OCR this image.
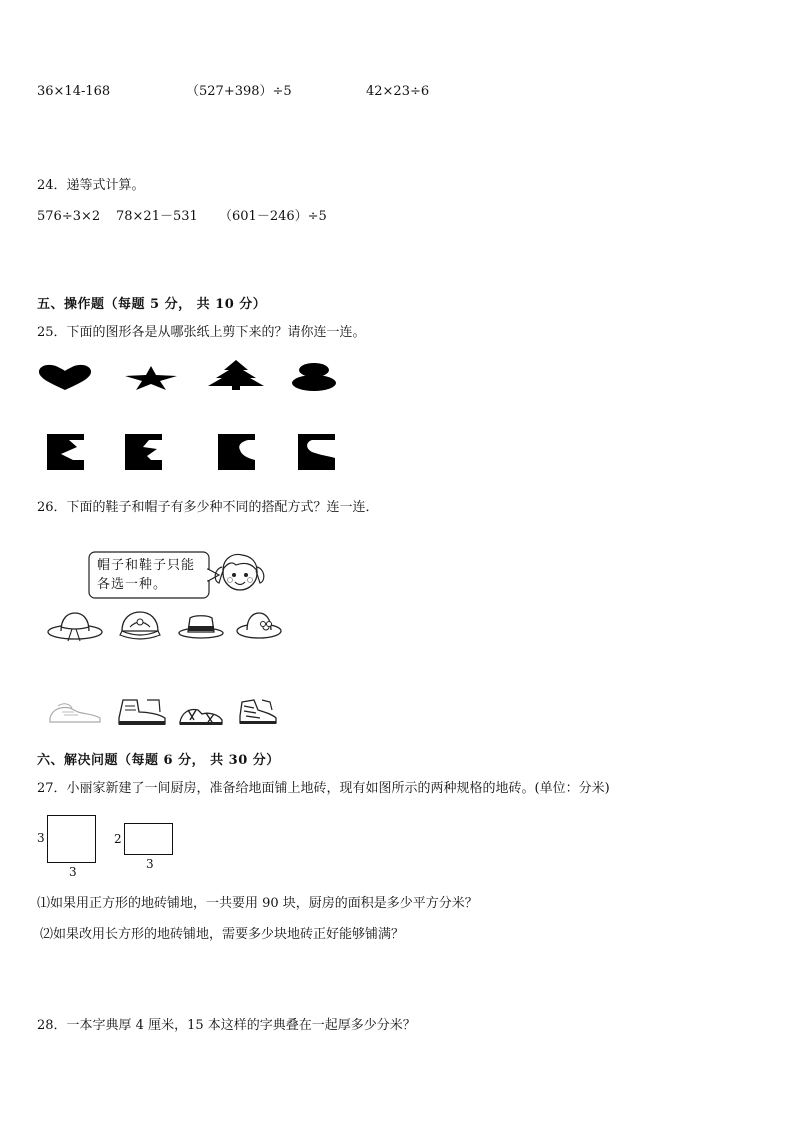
36×14-168	（527+398）÷5	42×23÷6
24．递等式计算。
576÷3×2 78×21－531 （601－246）÷5
五、操作题（每题 5 分， 共 10 分）
25．下面的图形各是从哪张纸上剪下来的？请你连一连。
26．下面的鞋子和帽子有多少种不同的搭配方式？连一连．
帽子和鞋子只能
各选一种。
六、解决问题（每题 6 分， 共 30 分）
27．小丽家新建了一间厨房，准备给地面铺上地砖，现有如图所示的两种规格的地砖。(单位：分米)
3
3
2
3
⑴如果用正方形的地砖铺地，一共要用 90 块，厨房的面积是多少平方分米？
⑵如果改用长方形的地砖铺地，需要多少块地砖正好能够铺满？
28．一本字典厚 4 厘米，15 本这样的字典叠在一起厚多少分米？
